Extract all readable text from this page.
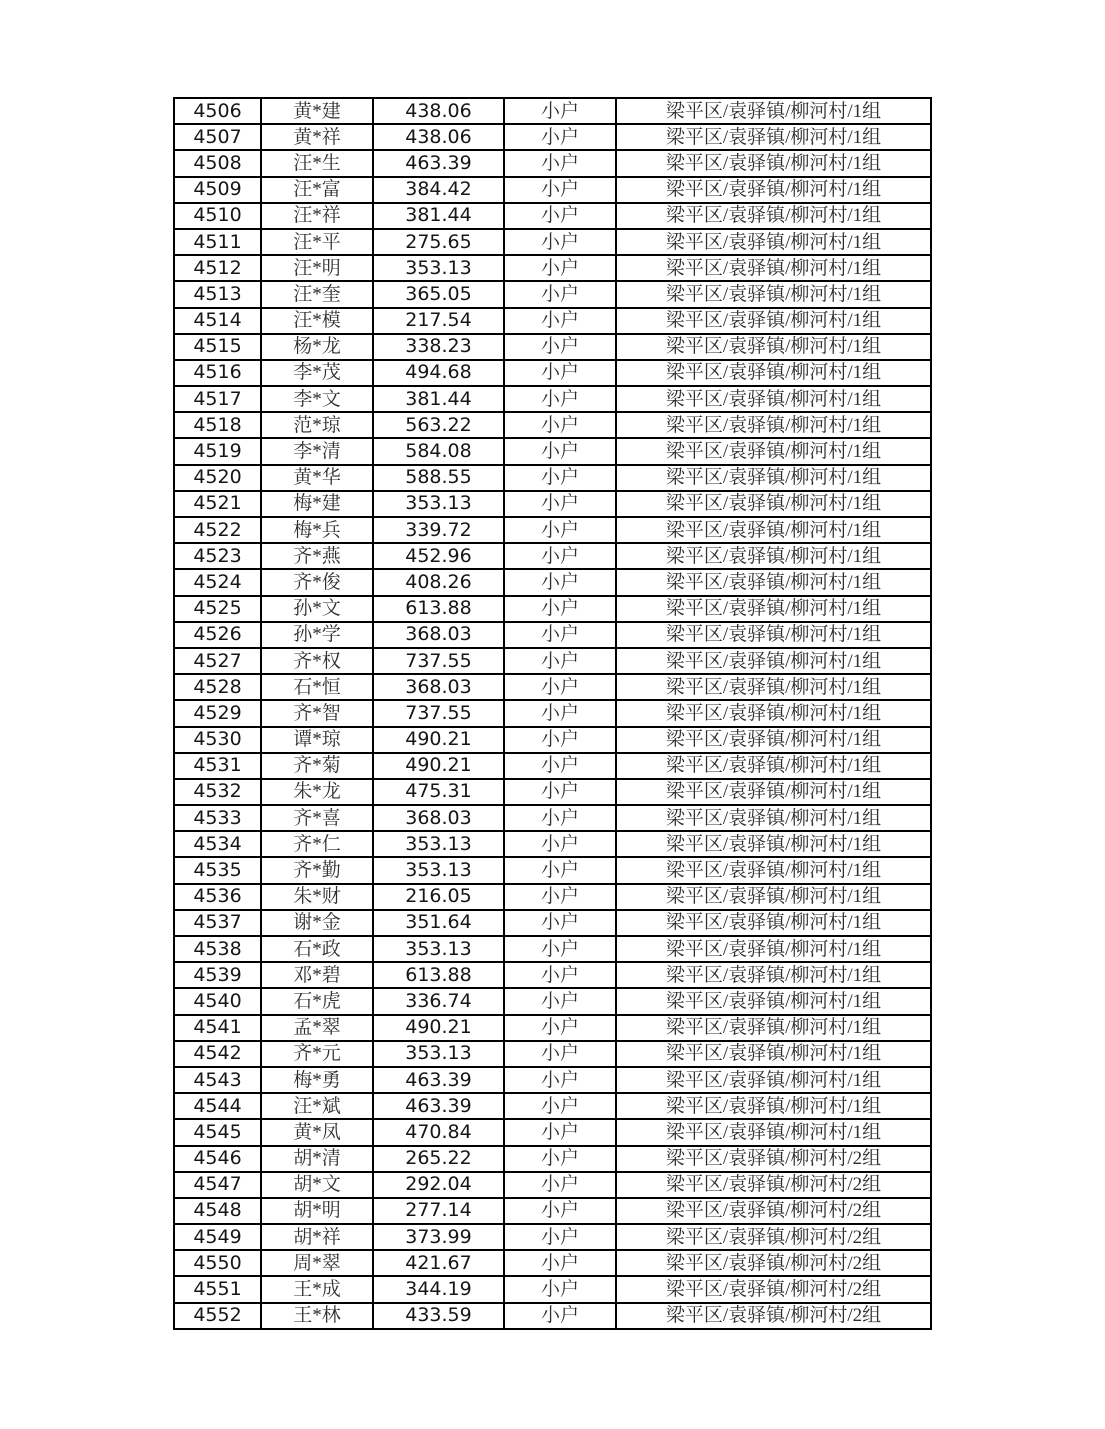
4506	黄*建	438.06	小户	梁平区/袁驿镇/柳河村/1组
4507	黄*祥	438.06	小户	梁平区/袁驿镇/柳河村/1组
4508	汪*生	463.39	小户	梁平区/袁驿镇/柳河村/1组
4509	汪*富	384.42	小户	梁平区/袁驿镇/柳河村/1组
4510	汪*祥	381.44	小户	梁平区/袁驿镇/柳河村/1组
4511	汪*平	275.65	小户	梁平区/袁驿镇/柳河村/1组
4512	汪*明	353.13	小户	梁平区/袁驿镇/柳河村/1组
4513	汪*奎	365.05	小户	梁平区/袁驿镇/柳河村/1组
4514	汪*模	217.54	小户	梁平区/袁驿镇/柳河村/1组
4515	杨*龙	338.23	小户	梁平区/袁驿镇/柳河村/1组
4516	李*茂	494.68	小户	梁平区/袁驿镇/柳河村/1组
4517	李*文	381.44	小户	梁平区/袁驿镇/柳河村/1组
4518	范*琼	563.22	小户	梁平区/袁驿镇/柳河村/1组
4519	李*清	584.08	小户	梁平区/袁驿镇/柳河村/1组
4520	黄*华	588.55	小户	梁平区/袁驿镇/柳河村/1组
4521	梅*建	353.13	小户	梁平区/袁驿镇/柳河村/1组
4522	梅*兵	339.72	小户	梁平区/袁驿镇/柳河村/1组
4523	齐*燕	452.96	小户	梁平区/袁驿镇/柳河村/1组
4524	齐*俊	408.26	小户	梁平区/袁驿镇/柳河村/1组
4525	孙*文	613.88	小户	梁平区/袁驿镇/柳河村/1组
4526	孙*学	368.03	小户	梁平区/袁驿镇/柳河村/1组
4527	齐*权	737.55	小户	梁平区/袁驿镇/柳河村/1组
4528	石*恒	368.03	小户	梁平区/袁驿镇/柳河村/1组
4529	齐*智	737.55	小户	梁平区/袁驿镇/柳河村/1组
4530	谭*琼	490.21	小户	梁平区/袁驿镇/柳河村/1组
4531	齐*菊	490.21	小户	梁平区/袁驿镇/柳河村/1组
4532	朱*龙	475.31	小户	梁平区/袁驿镇/柳河村/1组
4533	齐*喜	368.03	小户	梁平区/袁驿镇/柳河村/1组
4534	齐*仁	353.13	小户	梁平区/袁驿镇/柳河村/1组
4535	齐*勤	353.13	小户	梁平区/袁驿镇/柳河村/1组
4536	朱*财	216.05	小户	梁平区/袁驿镇/柳河村/1组
4537	谢*金	351.64	小户	梁平区/袁驿镇/柳河村/1组
4538	石*政	353.13	小户	梁平区/袁驿镇/柳河村/1组
4539	邓*碧	613.88	小户	梁平区/袁驿镇/柳河村/1组
4540	石*虎	336.74	小户	梁平区/袁驿镇/柳河村/1组
4541	孟*翠	490.21	小户	梁平区/袁驿镇/柳河村/1组
4542	齐*元	353.13	小户	梁平区/袁驿镇/柳河村/1组
4543	梅*勇	463.39	小户	梁平区/袁驿镇/柳河村/1组
4544	汪*斌	463.39	小户	梁平区/袁驿镇/柳河村/1组
4545	黄*凤	470.84	小户	梁平区/袁驿镇/柳河村/1组
4546	胡*清	265.22	小户	梁平区/袁驿镇/柳河村/2组
4547	胡*文	292.04	小户	梁平区/袁驿镇/柳河村/2组
4548	胡*明	277.14	小户	梁平区/袁驿镇/柳河村/2组
4549	胡*祥	373.99	小户	梁平区/袁驿镇/柳河村/2组
4550	周*翠	421.67	小户	梁平区/袁驿镇/柳河村/2组
4551	王*成	344.19	小户	梁平区/袁驿镇/柳河村/2组
4552	王*林	433.59	小户	梁平区/袁驿镇/柳河村/2组
